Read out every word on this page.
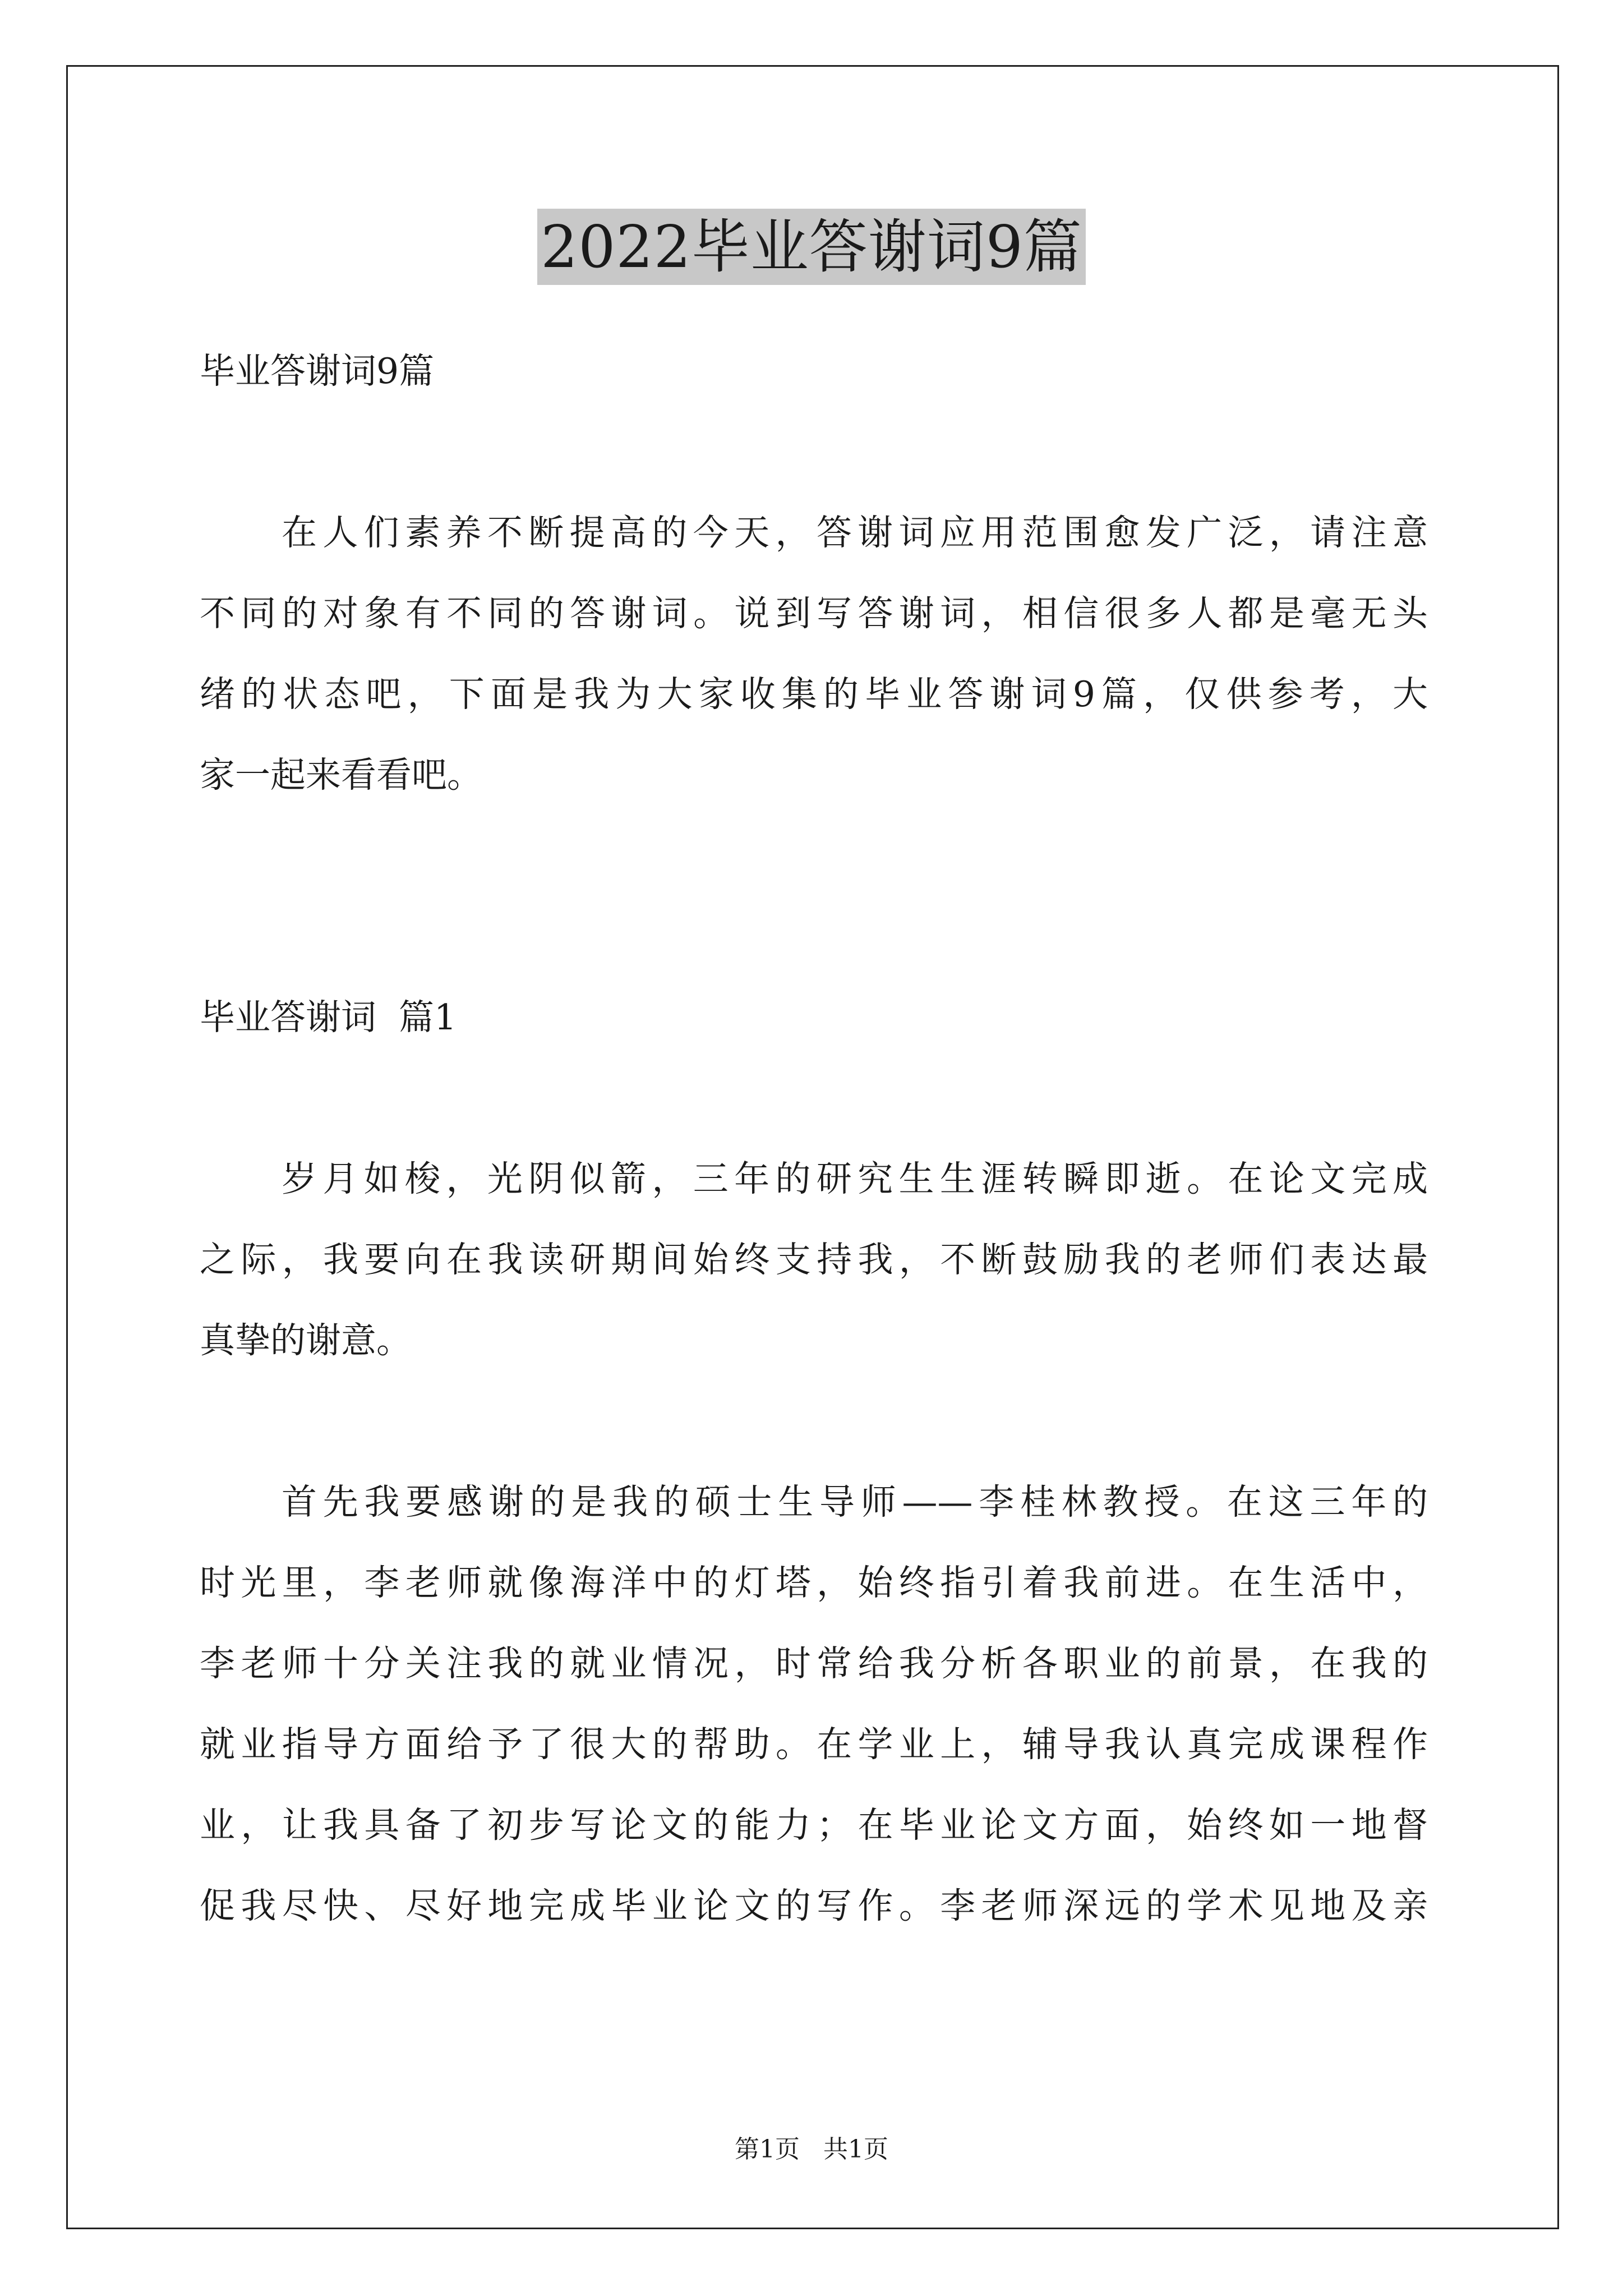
2022毕业答谢词9篇
毕业答谢词9篇
在人们素养不断提高的今天，答谢词应用范围愈发广泛，请注意
不同的对象有不同的答谢词。说到写答谢词，相信很多人都是毫无头
绪的状态吧，下面是我为大家收集的毕业答谢词9篇，仅供参考，大
家一起来看看吧。
毕业答谢词  篇1
岁月如梭，光阴似箭，三年的研究生生涯转瞬即逝。在论文完成
之际，我要向在我读研期间始终支持我，不断鼓励我的老师们表达最
真挚的谢意。
首先我要感谢的是我的硕士生导师——李桂林教授。在这三年的
时光里，李老师就像海洋中的灯塔，始终指引着我前进。在生活中，
李老师十分关注我的就业情况，时常给我分析各职业的前景，在我的
就业指导方面给予了很大的帮助。在学业上，辅导我认真完成课程作
业，让我具备了初步写论文的能力；在毕业论文方面，始终如一地督
促我尽快、尽好地完成毕业论文的写作。李老师深远的学术见地及亲
第1页   共1页
